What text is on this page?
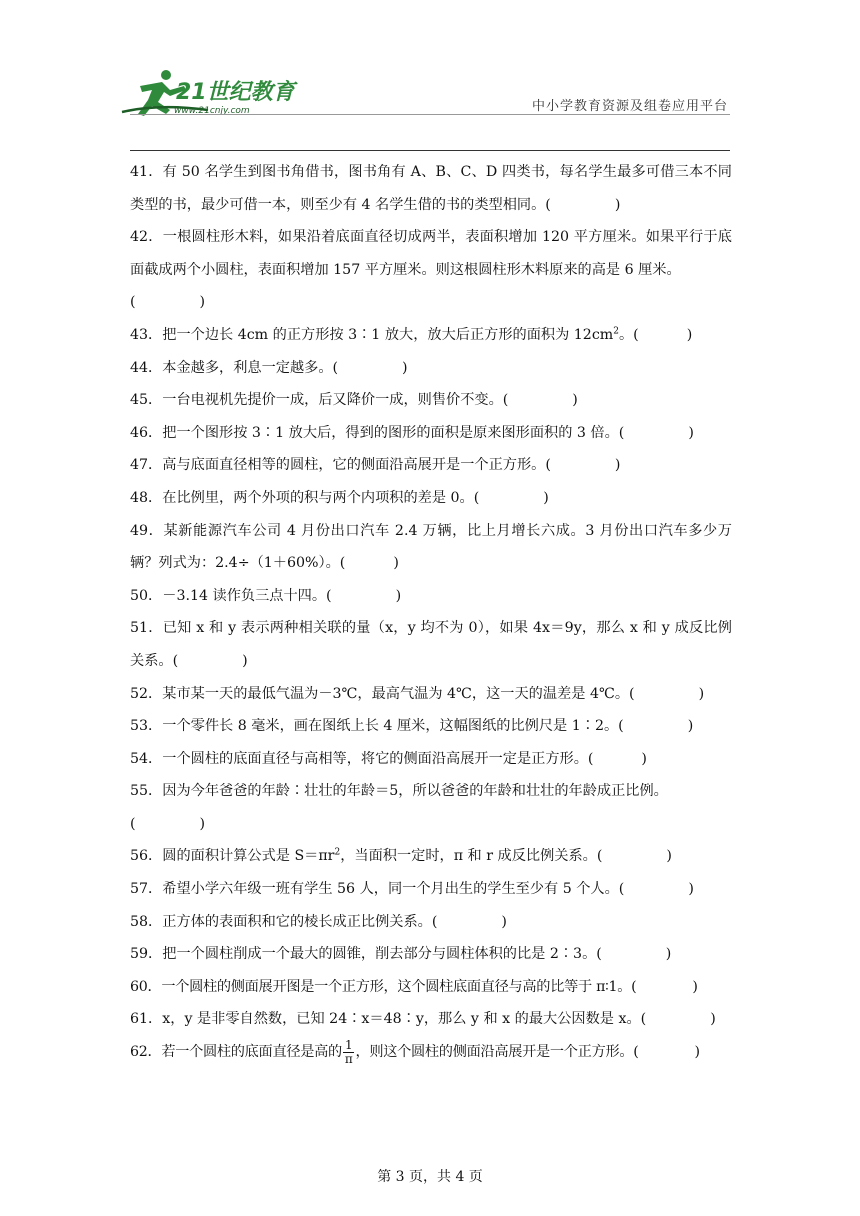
21世纪教育
www.21cnjy.com	中小学教育资源及组卷应用平台

41．有 50 名学生到图书角借书，图书角有 A、B、C、D 四类书，每名学生最多可借三本不同类型的书，最少可借一本，则至少有 4 名学生借的书的类型相同。(	)

42．一根圆柱形木料，如果沿着底面直径切成两半，表面积增加 120 平方厘米。如果平行于底面截成两个小圆柱，表面积增加 157 平方厘米。则这根圆柱形木料原来的高是 6 厘米。
(	)

43．把一个边长 4cm 的正方形按 3∶1 放大，放大后正方形的面积为 $12cm^2$。(	)

44．本金越多，利息一定越多。(	)

45．一台电视机先提价一成，后又降价一成，则售价不变。(	)

46．把一个图形按 3∶1 放大后，得到的图形的面积是原来图形面积的 3 倍。(	)

47．高与底面直径相等的圆柱，它的侧面沿高展开是一个正方形。(	)

48．在比例里，两个外项的积与两个内项积的差是 0。(	)

49．某新能源汽车公司 4 月份出口汽车 2.4 万辆，比上月增长六成。3 月份出口汽车多少万辆？列式为：2.4÷（1＋60%）。(	)

50．－3.14 读作负三点十四。(	)

51．已知 x 和 y 表示两种相关联的量（x，y 均不为 0），如果 4x＝9y，那么 x 和 y 成反比例关系。(	)

52．某市某一天的最低气温为－3℃，最高气温为 4℃，这一天的温差是 4℃。(	)

53．一个零件长 8 毫米，画在图纸上长 4 厘米，这幅图纸的比例尺是 1∶2。(	)

54．一个圆柱的底面直径与高相等，将它的侧面沿高展开一定是正方形。(	)

55．因为今年爸爸的年龄∶壮壮的年龄＝5，所以爸爸的年龄和壮壮的年龄成正比例。
(	)

56．圆的面积计算公式是 $S=\pi r^2$，当面积一定时，π 和 r 成反比例关系。(	)

57．希望小学六年级一班有学生 56 人，同一个月出生的学生至少有 5 个人。(	)

58．正方体的表面积和它的棱长成正比例关系。(	)

59．把一个圆柱削成一个最大的圆锥，削去部分与圆柱体积的比是 2∶3。(	)

60．一个圆柱的侧面展开图是一个正方形，这个圆柱底面直径与高的比等于 π∶1。(	)

61．x，y 是非零自然数，已知 24∶x＝48∶y，那么 y 和 x 的最大公因数是 x。(	)

62．若一个圆柱的底面直径是高的 $\frac{1}{\pi}$ ，则这个圆柱的侧面沿高展开是一个正方形。(	)

第 3 页，共 4 页
